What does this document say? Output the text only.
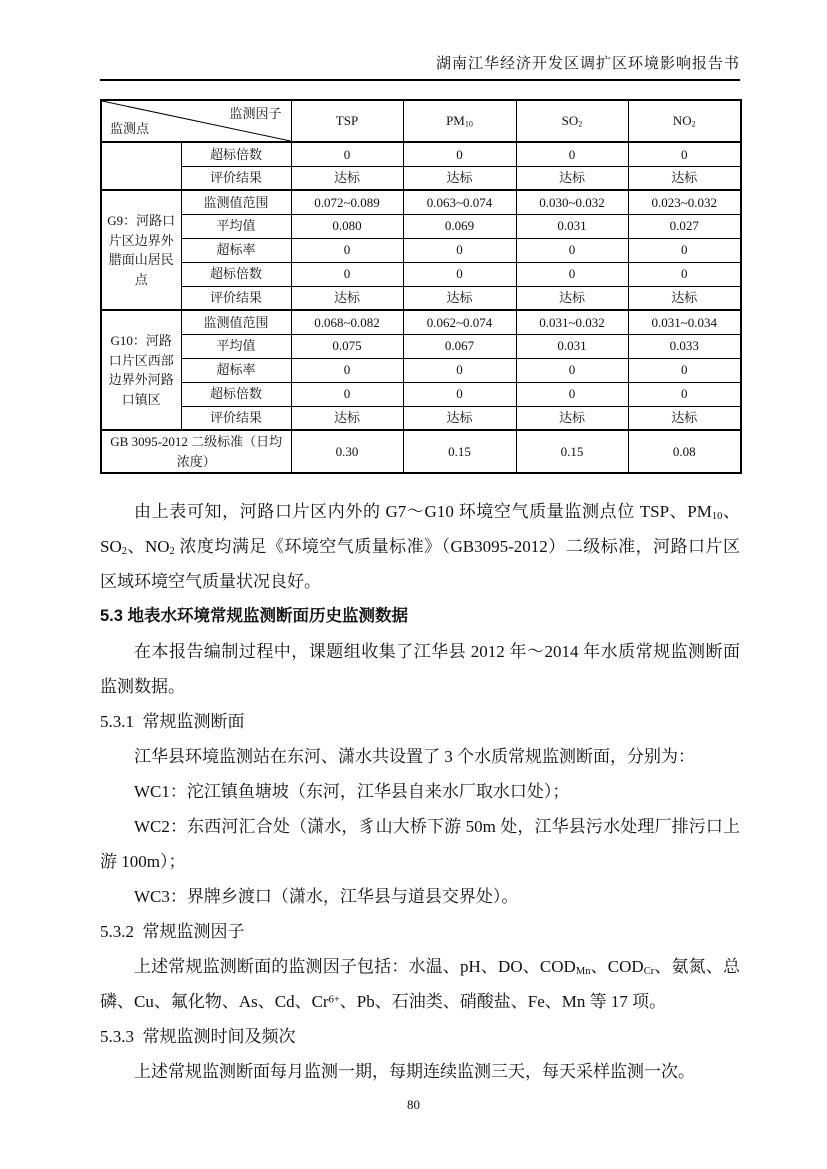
湖南江华经济开发区调扩区环境影响报告书
监测因子
监测点		TSP	$PM_{10}$	$SO_2$	$NO_2$
	超标倍数	0	0	0	0
	评价结果	达标	达标	达标	达标
G9：河路口片区边界外腊面山居民点	监测值范围	0.072~0.089	0.063~0.074	0.030~0.032	0.023~0.032
	平均值	0.080	0.069	0.031	0.027
	超标率	0	0	0	0
	超标倍数	0	0	0	0
	评价结果	达标	达标	达标	达标
G10：河路口片区西部边界外河路口镇区	监测值范围	0.068~0.082	0.062~0.074	0.031~0.032	0.031~0.034
	平均值	0.075	0.067	0.031	0.033
	超标率	0	0	0	0
	超标倍数	0	0	0	0
	评价结果	达标	达标	达标	达标
GB 3095-2012 二级标准（日均浓度）		0.30	0.15	0.15	0.08

由上表可知，河路口片区内外的 G7～G10 环境空气质量监测点位 TSP、$PM_{10}$、$SO_2$、$NO_2$ 浓度均满足《环境空气质量标准》（GB3095-2012）二级标准，河路口片区区域环境空气质量状况良好。

5.3 地表水环境常规监测断面历史监测数据

在本报告编制过程中，课题组收集了江华县 2012 年～2014 年水质常规监测断面监测数据。

5.3.1  常规监测断面

江华县环境监测站在东河、潇水共设置了 3 个水质常规监测断面，分别为：

WC1：沱江镇鱼塘坡（东河，江华县自来水厂取水口处）；

WC2：东西河汇合处（潇水，豸山大桥下游 50m 处，江华县污水处理厂排污口上游 100m）；

WC3：界牌乡渡口（潇水，江华县与道县交界处）。

5.3.2  常规监测因子

上述常规监测断面的监测因子包括：水温、pH、DO、$COD_{Mn}$、$COD_{Cr}$、氨氮、总磷、Cu、氟化物、As、Cd、$Cr^{6+}$、Pb、石油类、硝酸盐、Fe、Mn 等 17 项。

5.3.3  常规监测时间及频次

上述常规监测断面每月监测一期，每期连续监测三天，每天采样监测一次。

80
